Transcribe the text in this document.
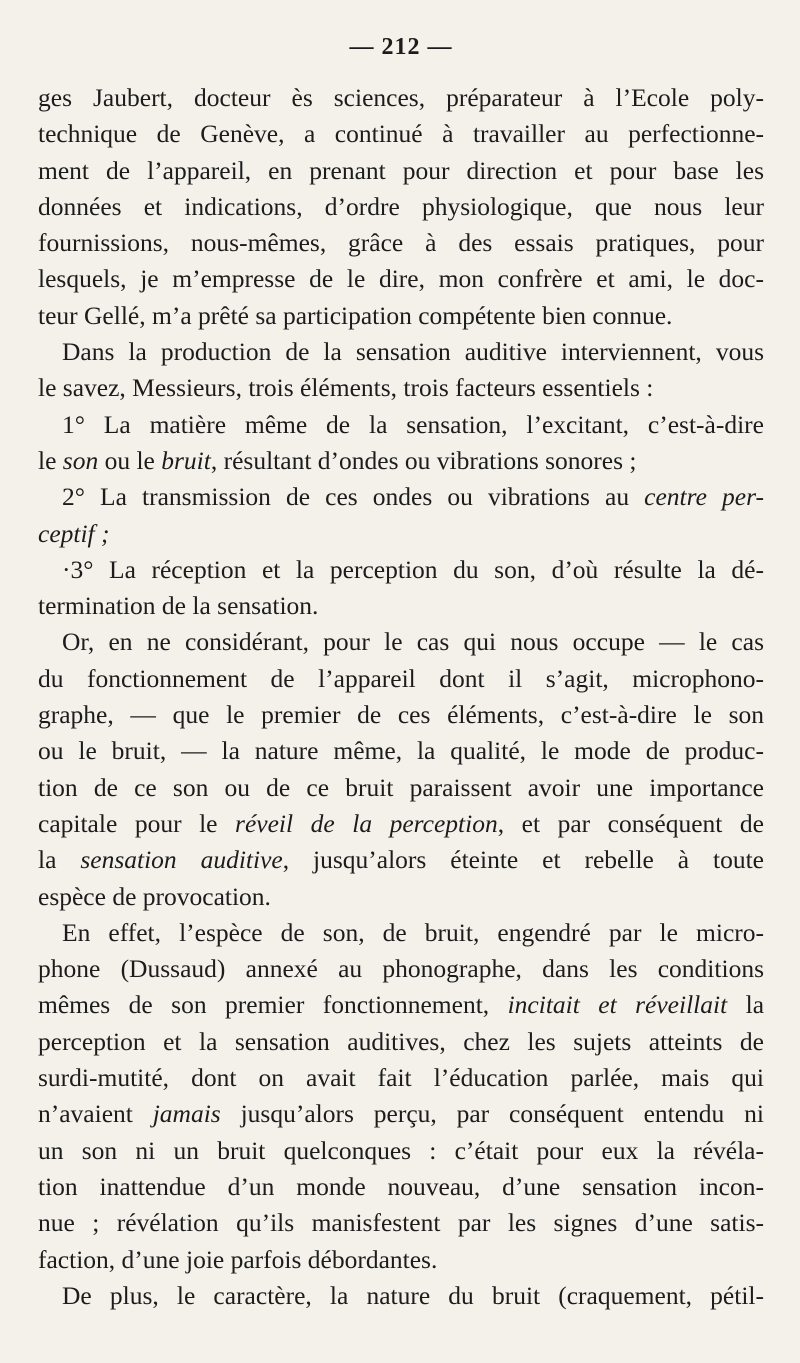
— 212 —
ges Jaubert, docteur ès sciences, préparateur à l’Ecole poly-
technique de Genève, a continué à travailler au perfectionne-
ment de l’appareil, en prenant pour direction et pour base les
données et indications, d’ordre physiologique, que nous leur
fournissions, nous-mêmes, grâce à des essais pratiques, pour
lesquels, je m’empresse de le dire, mon confrère et ami, le doc-
teur Gellé, m’a prêté sa participation compétente bien connue.
Dans la production de la sensation auditive interviennent, vous
le savez, Messieurs, trois éléments, trois facteurs essentiels :
1° La matière même de la sensation, l’excitant, c’est-à-dire
le son ou le bruit, résultant d’ondes ou vibrations sonores ;
2° La transmission de ces ondes ou vibrations au centre per-
ceptif ;
·3° La réception et la perception du son, d’où résulte la dé-
termination de la sensation.
Or, en ne considérant, pour le cas qui nous occupe — le cas
du fonctionnement de l’appareil dont il s’agit, microphono-
graphe, — que le premier de ces éléments, c’est-à-dire le son
ou le bruit, — la nature même, la qualité, le mode de produc-
tion de ce son ou de ce bruit paraissent avoir une importance
capitale pour le réveil de la perception, et par conséquent de
la sensation auditive, jusqu’alors éteinte et rebelle à toute
espèce de provocation.
En effet, l’espèce de son, de bruit, engendré par le micro-
phone (Dussaud) annexé au phonographe, dans les conditions
mêmes de son premier fonctionnement, incitait et réveillait la
perception et la sensation auditives, chez les sujets atteints de
surdi-mutité, dont on avait fait l’éducation parlée, mais qui
n’avaient jamais jusqu’alors perçu, par conséquent entendu ni
un son ni un bruit quelconques : c’était pour eux la révéla-
tion inattendue d’un monde nouveau, d’une sensation incon-
nue ; révélation qu’ils manisfestent par les signes d’une satis-
faction, d’une joie parfois débordantes.
De plus, le caractère, la nature du bruit (craquement, pétil-
